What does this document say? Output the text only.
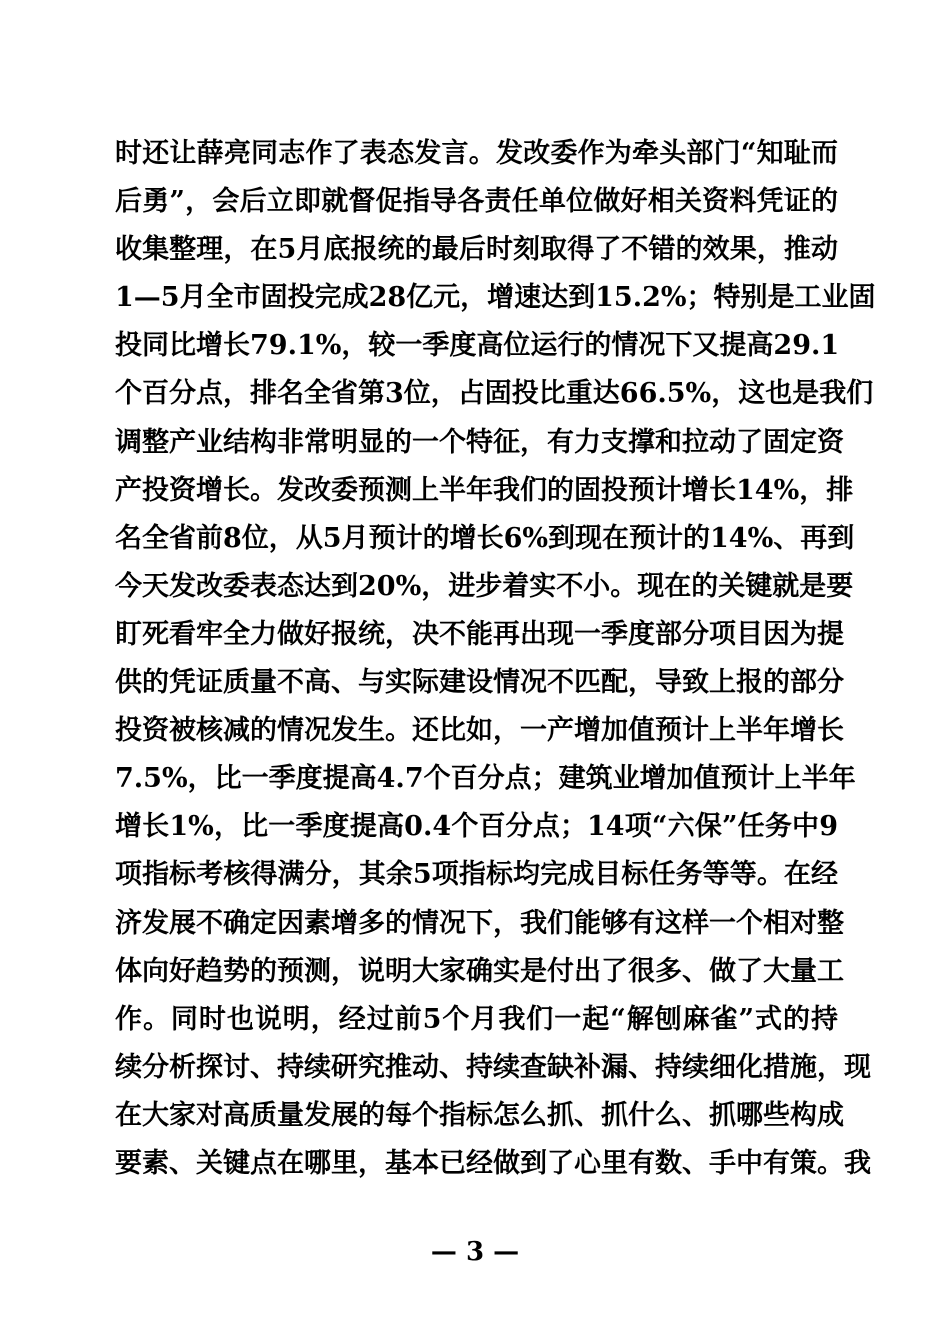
时还让薛亮同志作了表态发言。发改委作为牵头部门“知耻而
后勇”，会后立即就督促指导各责任单位做好相关资料凭证的
收集整理，在5月底报统的最后时刻取得了不错的效果，推动
1—5月全市固投完成28亿元，增速达到15.2%；特别是工业固
投同比增长79.1%，较一季度高位运行的情况下又提高29.1
个百分点，排名全省第3位，占固投比重达66.5%，这也是我们
调整产业结构非常明显的一个特征，有力支撑和拉动了固定资
产投资增长。发改委预测上半年我们的固投预计增长14%，排
名全省前8位，从5月预计的增长6%到现在预计的14%、再到
今天发改委表态达到20%，进步着实不小。现在的关键就是要
盯死看牢全力做好报统，决不能再出现一季度部分项目因为提
供的凭证质量不高、与实际建设情况不匹配，导致上报的部分
投资被核减的情况发生。还比如，一产增加值预计上半年增长
7.5%，比一季度提高4.7个百分点；建筑业增加值预计上半年
增长1%，比一季度提高0.4个百分点；14项“六保”任务中9
项指标考核得满分，其余5项指标均完成目标任务等等。在经
济发展不确定因素增多的情况下，我们能够有这样一个相对整
体向好趋势的预测，说明大家确实是付出了很多、做了大量工
作。同时也说明，经过前5个月我们一起“解刨麻雀”式的持
续分析探讨、持续研究推动、持续查缺补漏、持续细化措施，现
在大家对高质量发展的每个指标怎么抓、抓什么、抓哪些构成
要素、关键点在哪里，基本已经做到了心里有数、手中有策。我
— 3 —
